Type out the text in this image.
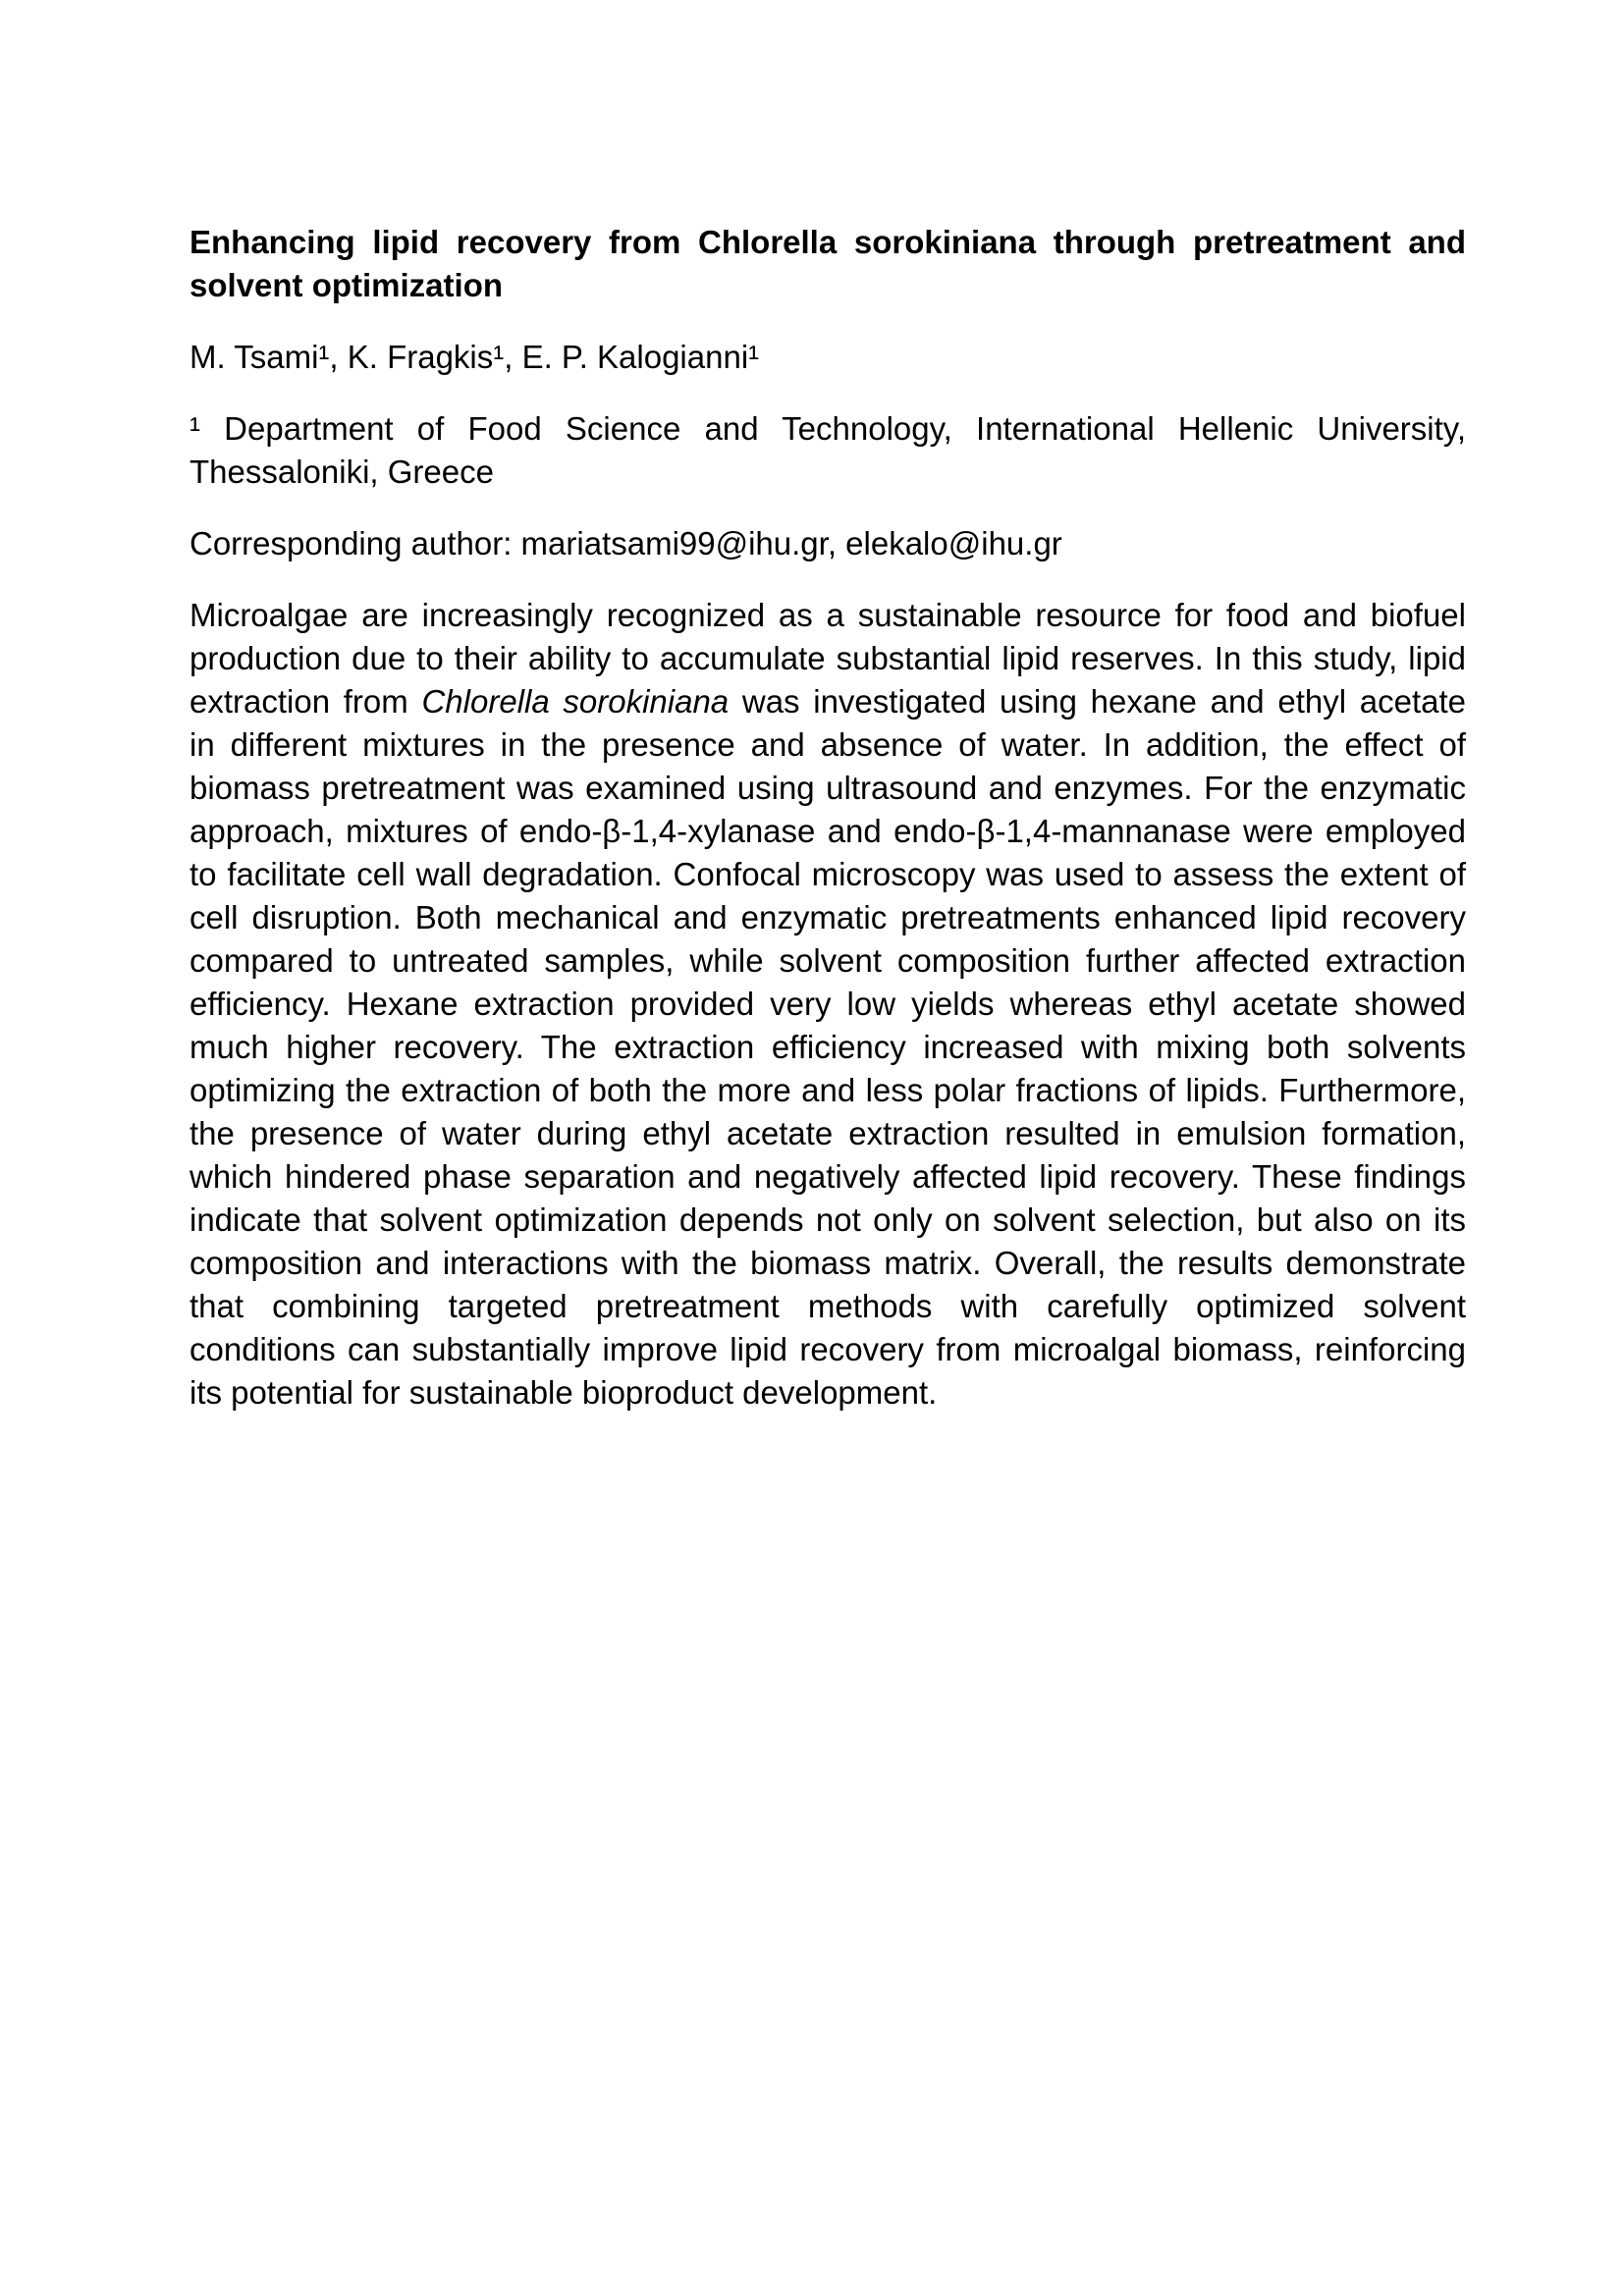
Enhancing lipid recovery from Chlorella sorokiniana through pretreatment and
solvent optimization
M. Tsami¹, K. Fragkis¹, E. P. Kalogianni¹
¹ Department of Food Science and Technology, International Hellenic University,
Thessaloniki, Greece
Corresponding author: mariatsami99@ihu.gr, elekalo@ihu.gr
Microalgae are increasingly recognized as a sustainable resource for food and biofuel
production due to their ability to accumulate substantial lipid reserves. In this study, lipid
extraction from Chlorella sorokiniana was investigated using hexane and ethyl acetate
in different mixtures in the presence and absence of water. In addition, the effect of
biomass pretreatment was examined using ultrasound and enzymes. For the enzymatic
approach, mixtures of endo-β-1,4-xylanase and endo-β-1,4-mannanase were employed
to facilitate cell wall degradation. Confocal microscopy was used to assess the extent of
cell disruption. Both mechanical and enzymatic pretreatments enhanced lipid recovery
compared to untreated samples, while solvent composition further affected extraction
efficiency. Hexane extraction provided very low yields whereas ethyl acetate showed
much higher recovery. The extraction efficiency increased with mixing both solvents
optimizing the extraction of both the more and less polar fractions of lipids. Furthermore,
the presence of water during ethyl acetate extraction resulted in emulsion formation,
which hindered phase separation and negatively affected lipid recovery. These findings
indicate that solvent optimization depends not only on solvent selection, but also on its
composition and interactions with the biomass matrix. Overall, the results demonstrate
that combining targeted pretreatment methods with carefully optimized solvent
conditions can substantially improve lipid recovery from microalgal biomass, reinforcing
its potential for sustainable bioproduct development.
